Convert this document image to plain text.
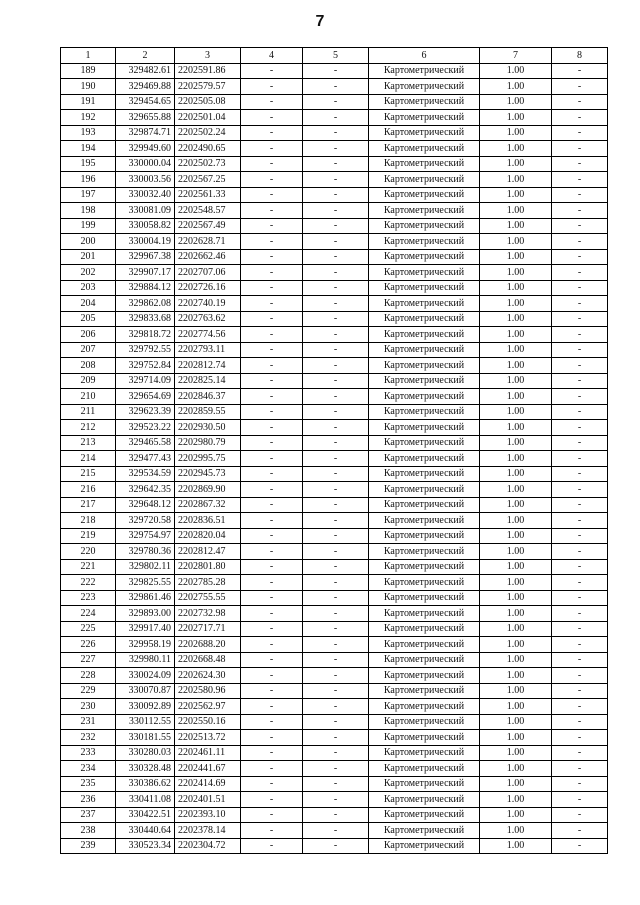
7
1	2	3	4	5	6	7	8
189	329482.61	2202591.86	-	-	Картометрический	1.00	-
190	329469.88	2202579.57	-	-	Картометрический	1.00	-
191	329454.65	2202505.08	-	-	Картометрический	1.00	-
192	329655.88	2202501.04	-	-	Картометрический	1.00	-
193	329874.71	2202502.24	-	-	Картометрический	1.00	-
194	329949.60	2202490.65	-	-	Картометрический	1.00	-
195	330000.04	2202502.73	-	-	Картометрический	1.00	-
196	330003.56	2202567.25	-	-	Картометрический	1.00	-
197	330032.40	2202561.33	-	-	Картометрический	1.00	-
198	330081.09	2202548.57	-	-	Картометрический	1.00	-
199	330058.82	2202567.49	-	-	Картометрический	1.00	-
200	330004.19	2202628.71	-	-	Картометрический	1.00	-
201	329967.38	2202662.46	-	-	Картометрический	1.00	-
202	329907.17	2202707.06	-	-	Картометрический	1.00	-
203	329884.12	2202726.16	-	-	Картометрический	1.00	-
204	329862.08	2202740.19	-	-	Картометрический	1.00	-
205	329833.68	2202763.62	-	-	Картометрический	1.00	-
206	329818.72	2202774.56	-	-	Картометрический	1.00	-
207	329792.55	2202793.11	-	-	Картометрический	1.00	-
208	329752.84	2202812.74	-	-	Картометрический	1.00	-
209	329714.09	2202825.14	-	-	Картометрический	1.00	-
210	329654.69	2202846.37	-	-	Картометрический	1.00	-
211	329623.39	2202859.55	-	-	Картометрический	1.00	-
212	329523.22	2202930.50	-	-	Картометрический	1.00	-
213	329465.58	2202980.79	-	-	Картометрический	1.00	-
214	329477.43	2202995.75	-	-	Картометрический	1.00	-
215	329534.59	2202945.73	-	-	Картометрический	1.00	-
216	329642.35	2202869.90	-	-	Картометрический	1.00	-
217	329648.12	2202867.32	-	-	Картометрический	1.00	-
218	329720.58	2202836.51	-	-	Картометрический	1.00	-
219	329754.97	2202820.04	-	-	Картометрический	1.00	-
220	329780.36	2202812.47	-	-	Картометрический	1.00	-
221	329802.11	2202801.80	-	-	Картометрический	1.00	-
222	329825.55	2202785.28	-	-	Картометрический	1.00	-
223	329861.46	2202755.55	-	-	Картометрический	1.00	-
224	329893.00	2202732.98	-	-	Картометрический	1.00	-
225	329917.40	2202717.71	-	-	Картометрический	1.00	-
226	329958.19	2202688.20	-	-	Картометрический	1.00	-
227	329980.11	2202668.48	-	-	Картометрический	1.00	-
228	330024.09	2202624.30	-	-	Картометрический	1.00	-
229	330070.87	2202580.96	-	-	Картометрический	1.00	-
230	330092.89	2202562.97	-	-	Картометрический	1.00	-
231	330112.55	2202550.16	-	-	Картометрический	1.00	-
232	330181.55	2202513.72	-	-	Картометрический	1.00	-
233	330280.03	2202461.11	-	-	Картометрический	1.00	-
234	330328.48	2202441.67	-	-	Картометрический	1.00	-
235	330386.62	2202414.69	-	-	Картометрический	1.00	-
236	330411.08	2202401.51	-	-	Картометрический	1.00	-
237	330422.51	2202393.10	-	-	Картометрический	1.00	-
238	330440.64	2202378.14	-	-	Картометрический	1.00	-
239	330523.34	2202304.72	-	-	Картометрический	1.00	-
